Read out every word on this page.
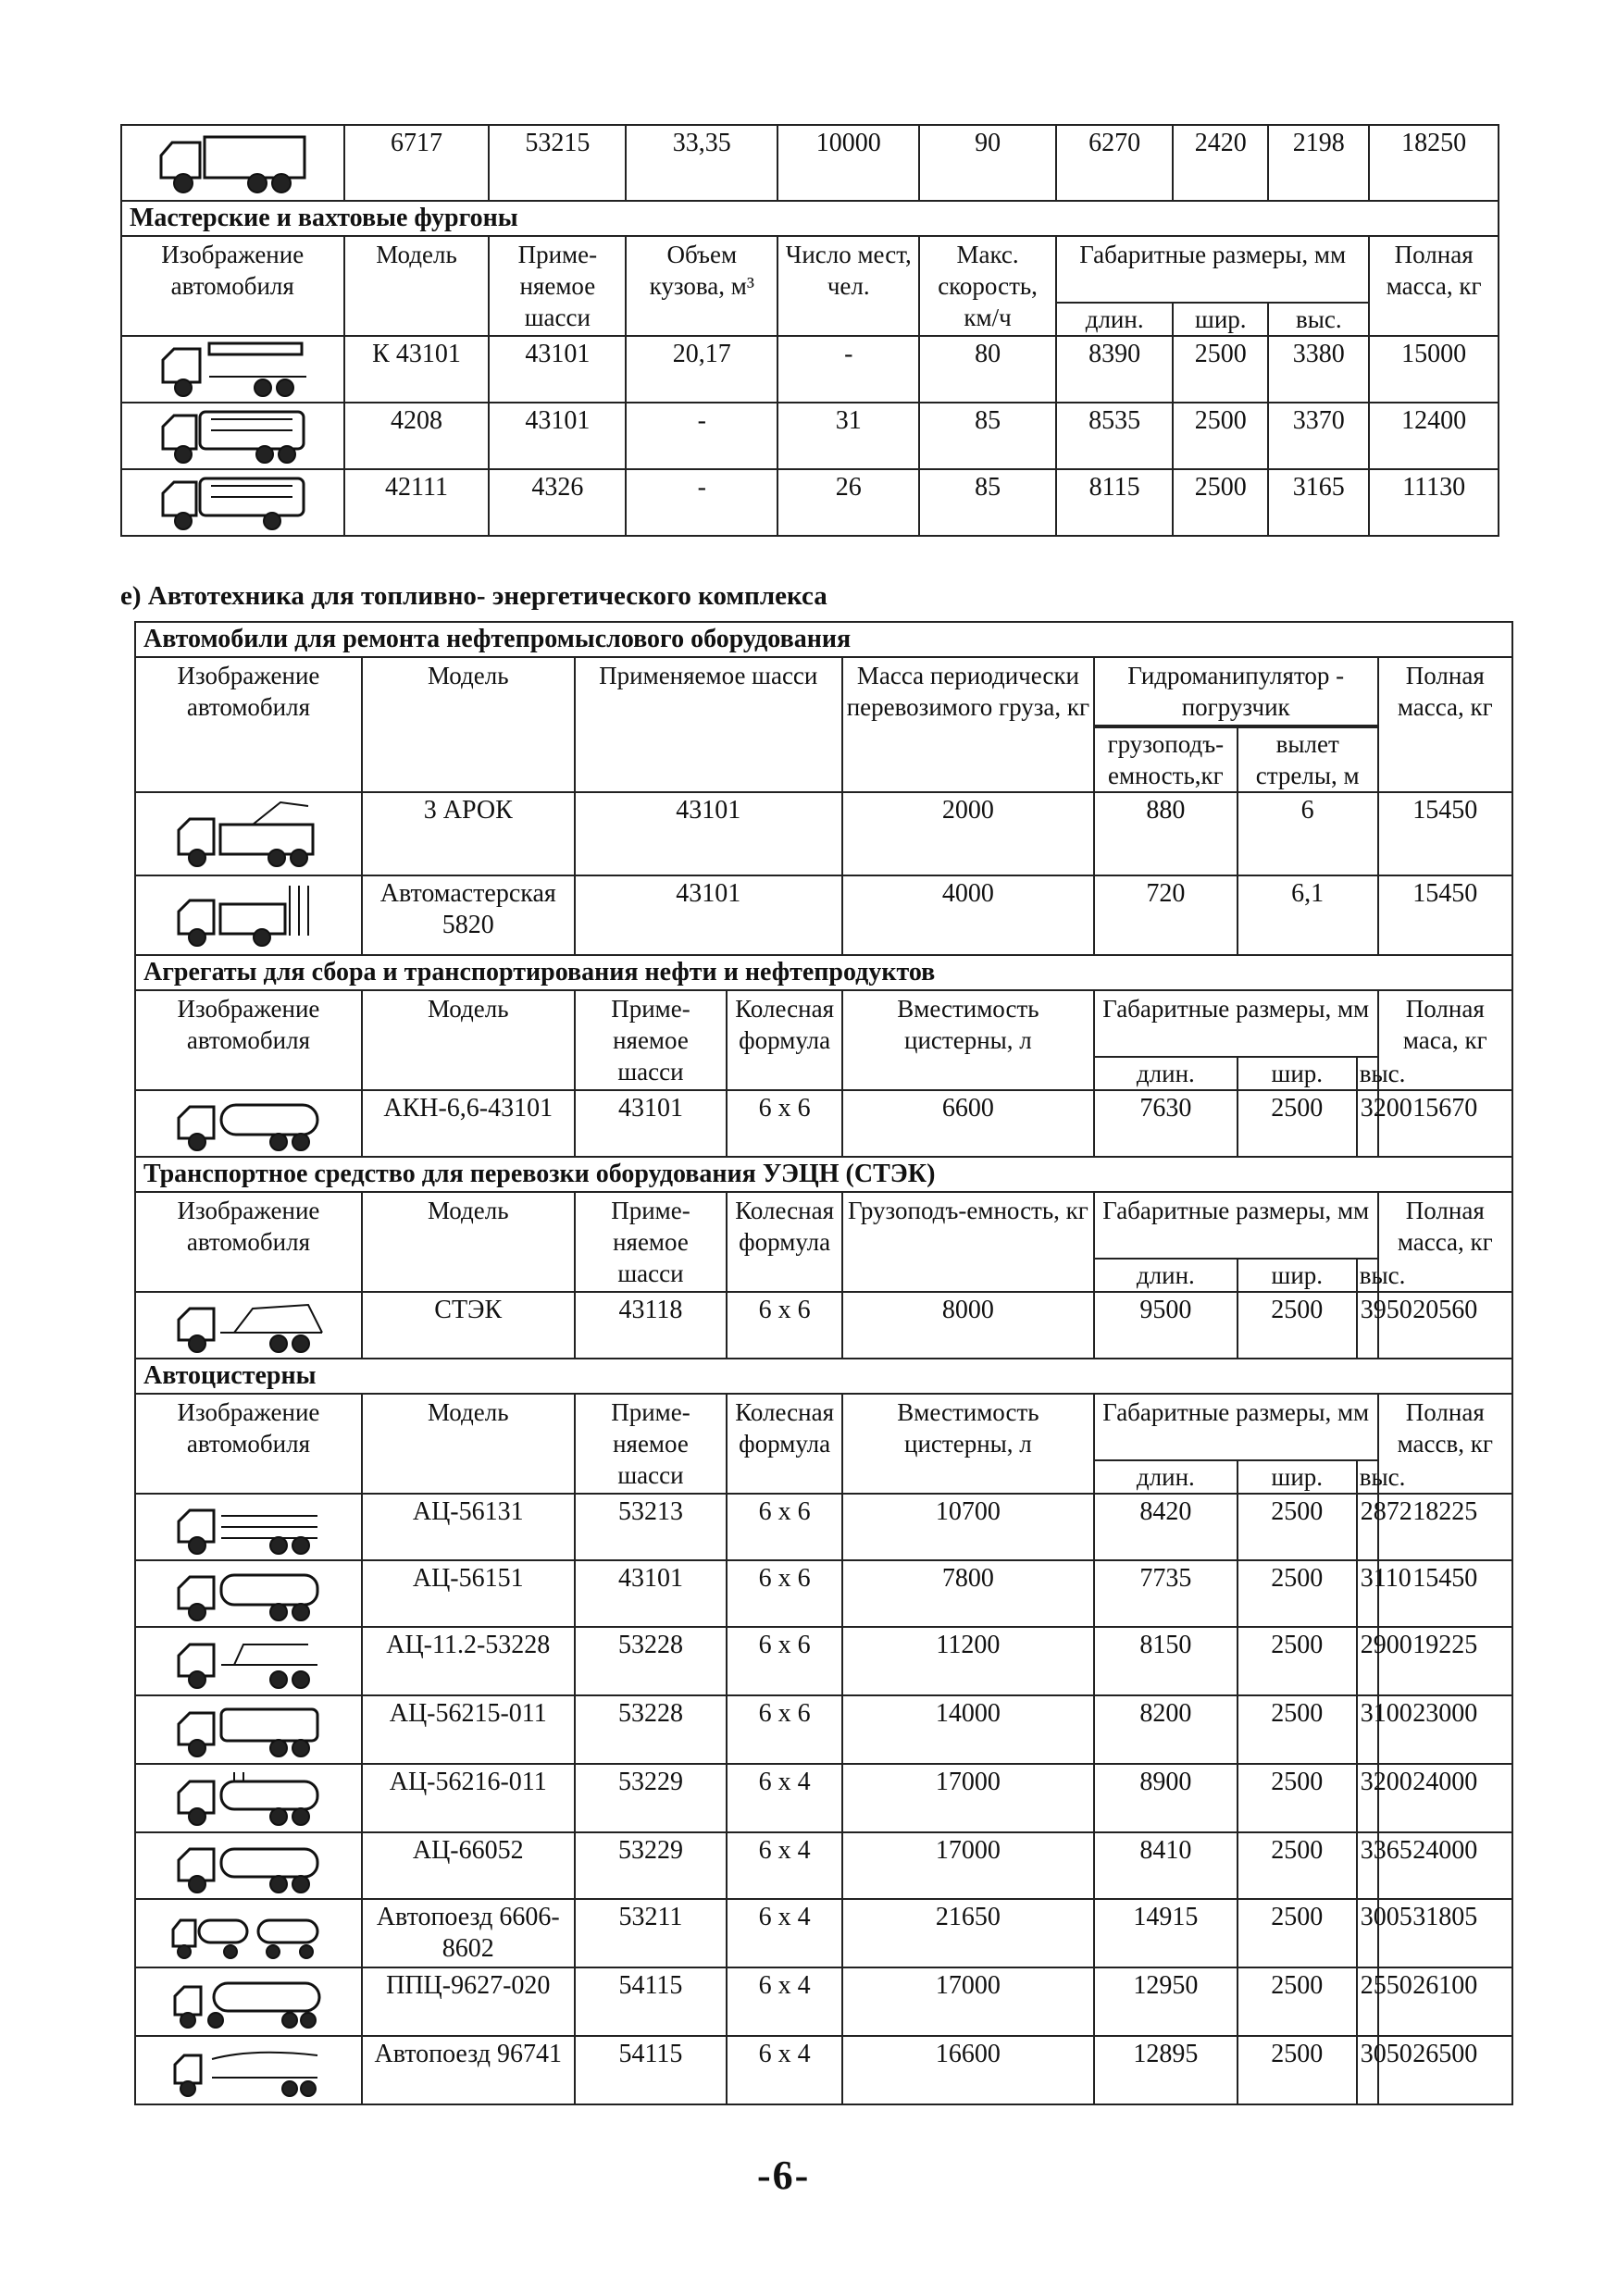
	6717	53215	33,35	10000	90	6270	2420	2198	18250
Мастерские и вахтовые фургоны									
Изображение автомобиля	Модель	Приме-няемое шасси	Объем кузова, м³	Число мест, чел.	Макс. скорость, км/ч	Габаритные размеры, мм			Полная масса, кг
						длин.	шир.	выс.	

	К 43101	43101	20,17	-	80	8390	2500	3380	15000

	4208	43101	-	31	85	8535	2500	3370	12400

	42111	4326	-	26	85	8115	2500	3165	11130
е) Автотехника для топливно- энергетического комплекса
Автомобили для ремонта нефтепромыслового оборудования								
Изображение автомобиля	Модель	Применяемое шасси		Масса периодически перевозимого груза, кг	Гидроманипулятор - погрузчик			Полная масса, кг

					грузоподъ-емность,кг	вылет стрелы, м		

	3 АРОК	43101		2000	880	6		15450

	Автомастерская 5820	43101		4000	720	6,1		15450
Агрегаты для сбора и транспортирования нефти и нефтепродуктов								
Изображение автомобиля	Модель	Приме-няемое шасси	Колесная формула	Вместимость цистерны, л	Габаритные размеры, мм			Полная маса, кг
					длин.	шир.	выс.	

	АКН-6,6-43101	43101	6 х 6	6600	7630	2500	3200	15670
Транспортное средство для перевозки оборудования УЭЦН (СТЭК)								
Изображение автомобиля	Модель	Приме-няемое шасси	Колесная формула	Грузоподъ-емность, кг	Габаритные размеры, мм			Полная масса, кг
					длин.	шир.	выс.	

	СТЭК	43118	6 х 6	8000	9500	2500	3950	20560
Автоцистерны								
Изображение автомобиля	Модель	Приме-няемое шасси	Колесная формула	Вместимость цистерны, л	Габаритные размеры, мм			Полная массв, кг
					длин.	шир.	выс.	

	АЦ-56131	53213	6 х 6	10700	8420	2500	2872	18225

	АЦ-56151	43101	6 х 6	7800	7735	2500	3110	15450

	АЦ-11.2-53228	53228	6 х 6	11200	8150	2500	2900	19225

	АЦ-56215-011	53228	6 х 6	14000	8200	2500	3100	23000

	АЦ-56216-011	53229	6 х 4	17000	8900	2500	3200	24000

	АЦ-66052	53229	6 х 4	17000	8410	2500	3365	24000

	Автопоезд 6606-8602	53211	6 х 4	21650	14915	2500	3005	31805

	ППЦ-9627-020	54115	6 х 4	17000	12950	2500	2550	26100

	Автопоезд 96741	54115	6 х 4	16600	12895	2500	3050	26500
-6-
